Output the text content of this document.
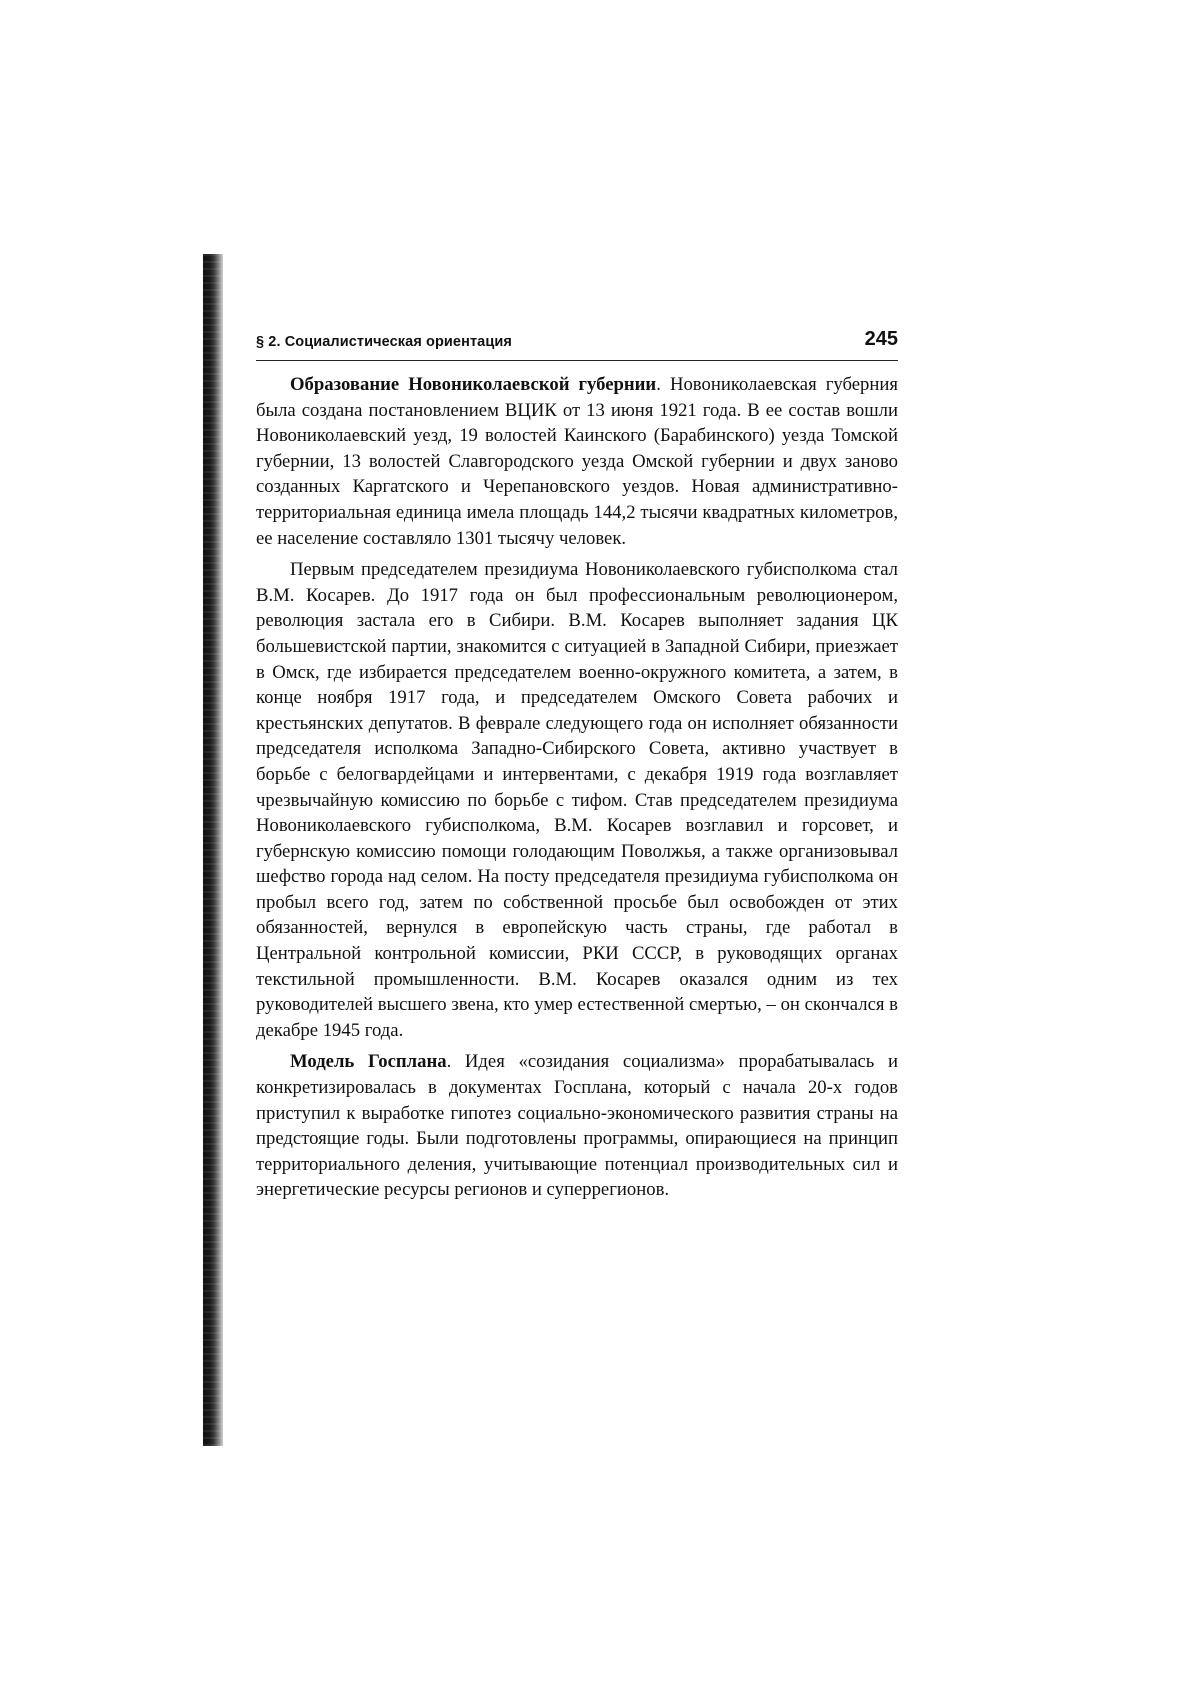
§ 2. Социалистическая ориентация	245

Образование Новониколаевской губернии. Новониколаевская губерния была создана постановлением ВЦИК от 13 июня 1921 года. В ее состав вошли Новониколаевский уезд, 19 волостей Каинского (Барабинского) уезда Томской губернии, 13 волостей Славгородского уезда Омской губернии и двух заново созданных Каргатского и Черепановского уездов. Новая административно-территориальная единица имела площадь 144,2 тысячи квадратных километров, ее население составляло 1301 тысячу человек.

Первым председателем президиума Новониколаевского губисполкома стал В.М. Косарев. До 1917 года он был профессиональным революционером, революция застала его в Сибири. В.М. Косарев выполняет задания ЦК большевистской партии, знакомится с ситуацией в Западной Сибири, приезжает в Омск, где избирается председателем военно-окружного комитета, а затем, в конце ноября 1917 года, и председателем Омского Совета рабочих и крестьянских депутатов. В феврале следующего года он исполняет обязанности председателя исполкома Западно-Сибирского Совета, активно участвует в борьбе с белогвардейцами и интервентами, с декабря 1919 года возглавляет чрезвычайную комиссию по борьбе с тифом. Став председателем президиума Новониколаевского губисполкома, В.М. Косарев возглавил и горсовет, и губернскую комиссию помощи голодающим Поволжья, а также организовывал шефство города над селом. На посту председателя президиума губисполкома он пробыл всего год, затем по собственной просьбе был освобожден от этих обязанностей, вернулся в европейскую часть страны, где работал в Центральной контрольной комиссии, РКИ СССР, в руководящих органах текстильной промышленности. В.М. Косарев оказался одним из тех руководителей высшего звена, кто умер естественной смертью, – он скончался в декабре 1945 года.

Модель Госплана. Идея «созидания социализма» прорабатывалась и конкретизировалась в документах Госплана, который с начала 20-х годов приступил к выработке гипотез социально-экономического развития страны на предстоящие годы. Были подготовлены программы, опирающиеся на принцип территориального деления, учитывающие потенциал производительных сил и энергетические ресурсы регионов и суперрегионов.
